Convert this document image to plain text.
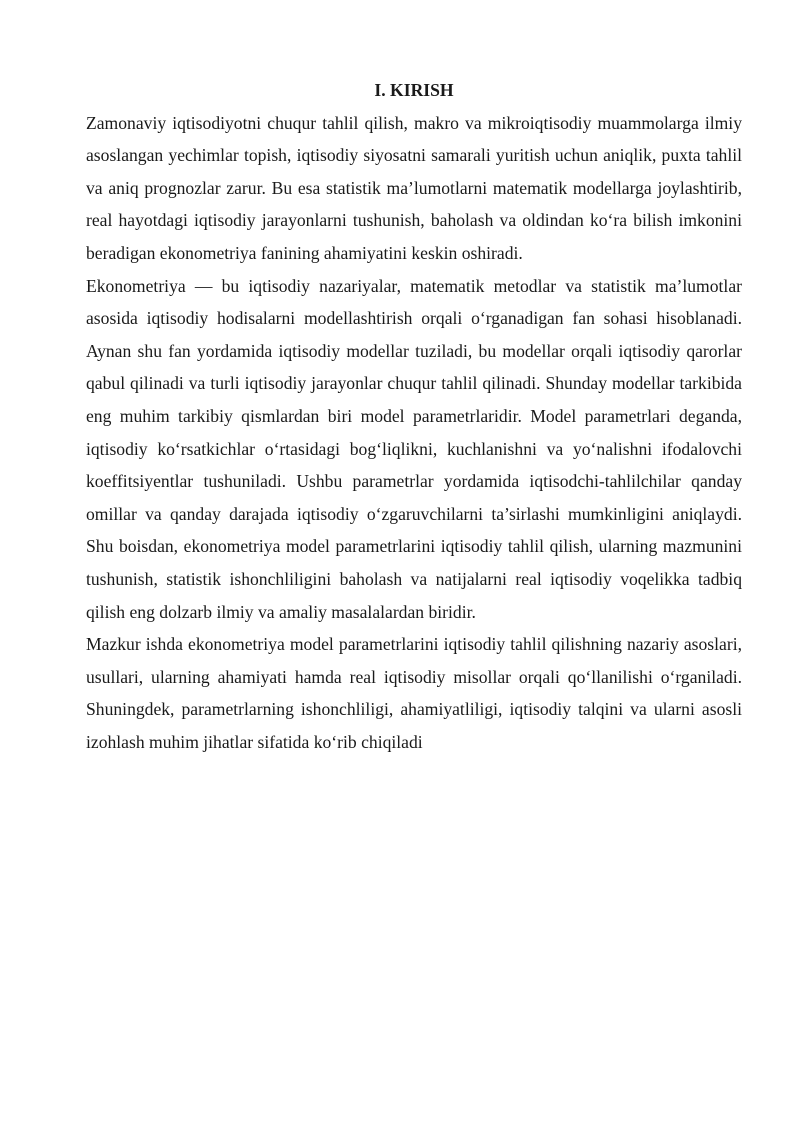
I. KIRISH

Zamonaviy iqtisodiyotni chuqur tahlil qilish, makro va mikroiqtisodiy muammolarga ilmiy asoslangan yechimlar topish, iqtisodiy siyosatni samarali yuritish uchun aniqlik, puxta tahlil va aniq prognozlar zarur. Bu esa statistik ma’lumotlarni matematik modellarga joylashtirib, real hayotdagi iqtisodiy jarayonlarni tushunish, baholash va oldindan ko‘ra bilish imkonini beradigan ekonometriya fanining ahamiyatini keskin oshiradi.

Ekonometriya — bu iqtisodiy nazariyalar, matematik metodlar va statistik ma’lumotlar asosida iqtisodiy hodisalarni modellashtirish orqali o‘rganadigan fan sohasi hisoblanadi. Aynan shu fan yordamida iqtisodiy modellar tuziladi, bu modellar orqali iqtisodiy qarorlar qabul qilinadi va turli iqtisodiy jarayonlar chuqur tahlil qilinadi. Shunday modellar tarkibida eng muhim tarkibiy qismlardan biri model parametrlaridir. Model parametrlari deganda, iqtisodiy ko‘rsatkichlar o‘rtasidagi bog‘liqlikni, kuchlanishni va yo‘nalishni ifodalovchi koeffitsiyentlar tushuniladi. Ushbu parametrlar yordamida iqtisodchi-tahlilchilar qanday omillar va qanday darajada iqtisodiy o‘zgaruvchilarni ta’sirlashi mumkinligini aniqlaydi. Shu boisdan, ekonometriya model parametrlarini iqtisodiy tahlil qilish, ularning mazmunini tushunish, statistik ishonchliligini baholash va natijalarni real iqtisodiy voqelikka tadbiq qilish eng dolzarb ilmiy va amaliy masalalardan biridir.

Mazkur ishda ekonometriya model parametrlarini iqtisodiy tahlil qilishning nazariy asoslari, usullari, ularning ahamiyati hamda real iqtisodiy misollar orqali qo‘llanilishi o‘rganiladi. Shuningdek, parametrlarning ishonchliligi, ahamiyatliligi, iqtisodiy talqini va ularni asosli izohlash muhim jihatlar sifatida ko‘rib chiqiladi
